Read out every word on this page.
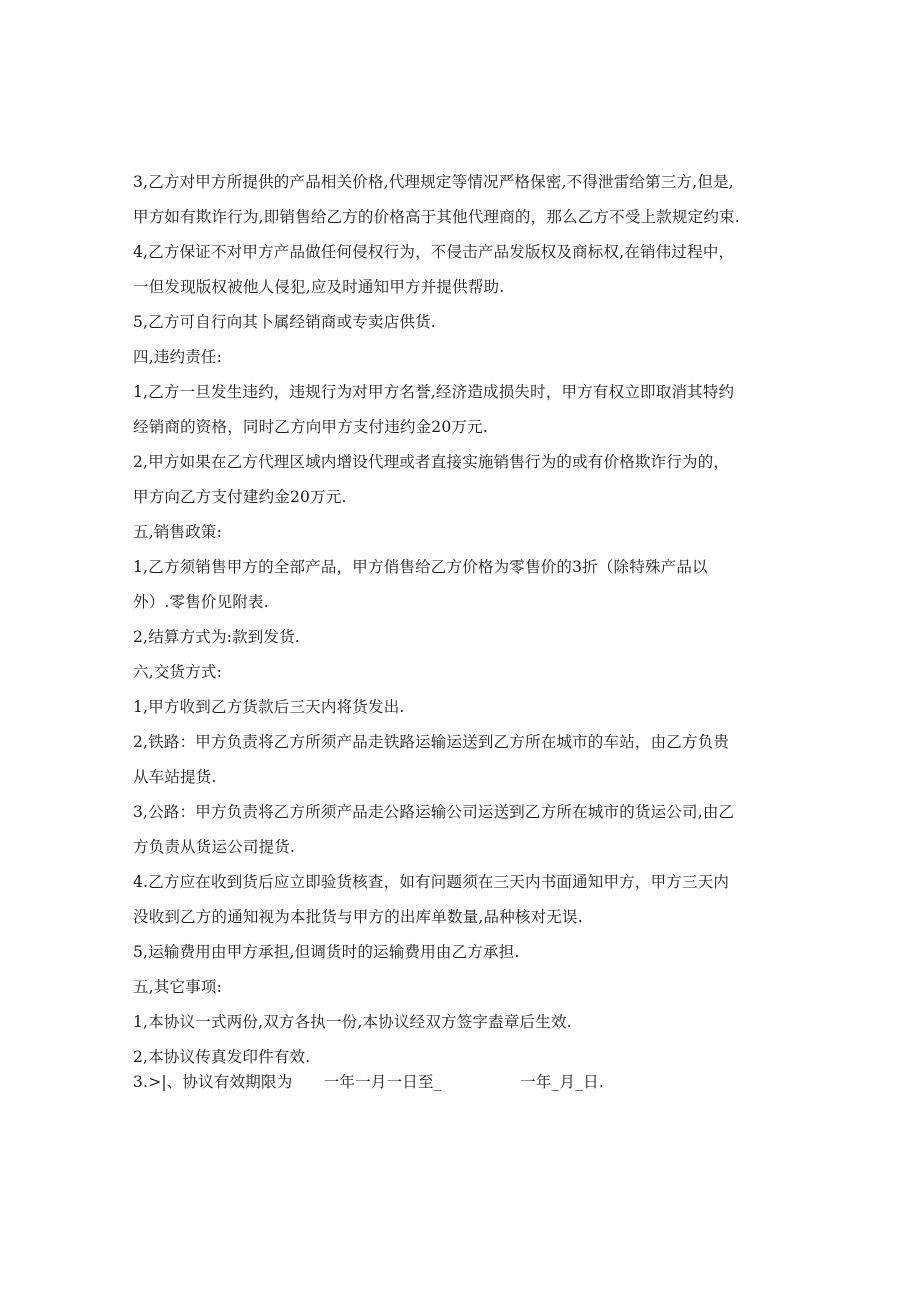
3,乙方对甲方所提供的产品相关价格,代理规定等情况严格保密,不得泄雷给第三方,但是,
甲方如有欺诈行为,即销售给乙方的价格高于其他代理商的，那么乙方不受上款规定约束.
4,乙方保证不对甲方产品做任何侵权行为，不侵击产品发版权及商标权,在销伟过程中，
一但发现版权被他人侵犯,应及时通知甲方并提供帮助.
5,乙方可自行向其卜属经销商或专卖店供货.
四,违约责任:
1,乙方一旦发生违约，违规行为对甲方名誉,经济造成损失时，甲方有权立即取消其特约
经销商的资格，同时乙方向甲方支付违约金20万元.
2,甲方如果在乙方代理区域内增设代理或者直接实施销售行为的或有价格欺诈行为的，
甲方向乙方支付建约金20万元.
五,销售政策:
1,乙方须销售甲方的全部产品，甲方俏售给乙方价格为零售价的3折（除特殊产品以
外）.零售价见附表.
2,结算方式为:款到发货.
六,交货方式:
1,甲方收到乙方货款后三天内将货发出.
2,铁路：甲方负责将乙方所须产品走铁路运输运送到乙方所在城市的车站，由乙方负贵
从车站提货.
3,公路：甲方负责将乙方所须产品走公路运输公司运送到乙方所在城市的货运公司,由乙
方负责从货运公司提货.
4.乙方应在收到货后应立即验货核查，如有问题须在三天内书面通知甲方，甲方三天内
没收到乙方的通知视为本批货与甲方的出库单数量,品种核对无误.
5,运输费用由甲方承担,但调货时的运输费用由乙方承担.
五,其它事项:
1,本协议一式两份,双方各执一份,本协议经双方签字盍章后生效.
2,本协议传真发印件有效.
3.>|、协议有效期限为　　一年一月一日至_　　　　　一年_月_日.
